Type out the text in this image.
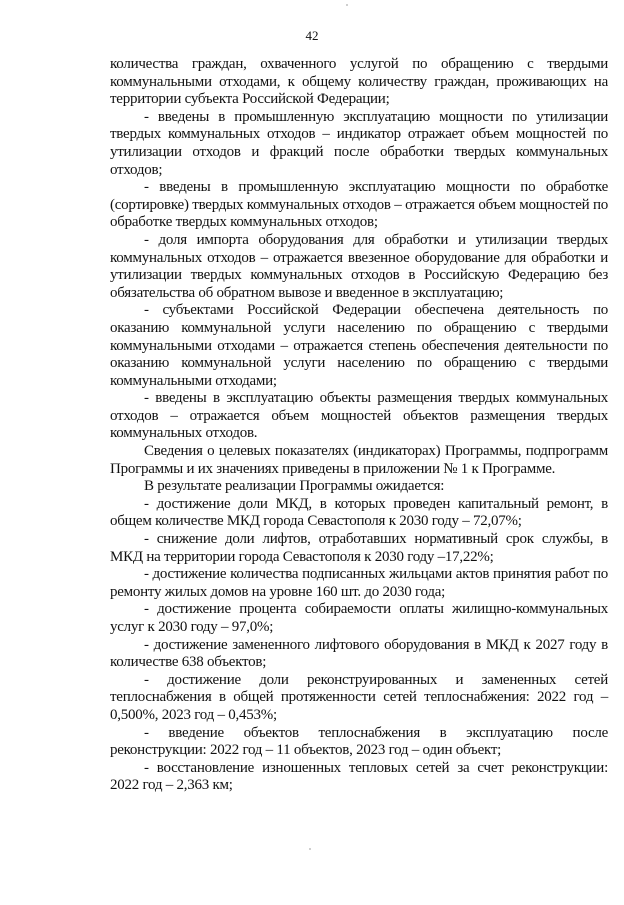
42

количества граждан, охваченного услугой по обращению с твердыми коммунальными отходами, к общему количеству граждан, проживающих на территории субъекта Российской Федерации;

- введены в промышленную эксплуатацию мощности по утилизации твердых коммунальных отходов – индикатор отражает объем мощностей по утилизации отходов и фракций после обработки твердых коммунальных отходов;

- введены в промышленную эксплуатацию мощности по обработке (сортировке) твердых коммунальных отходов – отражается объем мощностей по обработке твердых коммунальных отходов;

- доля импорта оборудования для обработки и утилизации твердых коммунальных отходов – отражается ввезенное оборудование для обработки и утилизации твердых коммунальных отходов в Российскую Федерацию без обязательства об обратном вывозе и введенное в эксплуатацию;

- субъектами Российской Федерации обеспечена деятельность по оказанию коммунальной услуги населению по обращению с твердыми коммунальными отходами – отражается степень обеспечения деятельности по оказанию коммунальной услуги населению по обращению с твердыми коммунальными отходами;

- введены в эксплуатацию объекты размещения твердых коммунальных отходов – отражается объем мощностей объектов размещения твердых коммунальных отходов.

Сведения о целевых показателях (индикаторах) Программы, подпрограмм Программы и их значениях приведены в приложении № 1 к Программе.

В результате реализации Программы ожидается:

- достижение доли МКД, в которых проведен капитальный ремонт, в общем количестве МКД города Севастополя к 2030 году – 72,07%;

- снижение доли лифтов, отработавших нормативный срок службы, в МКД на территории города Севастополя к 2030 году –17,22%;

- достижение количества подписанных жильцами актов принятия работ по ремонту жилых домов на уровне 160 шт. до 2030 года;

- достижение процента собираемости оплаты жилищно-коммунальных услуг к 2030 году – 97,0%;

- достижение замененного лифтового оборудования в МКД к 2027 году в количестве 638 объектов;

- достижение доли реконструированных и замененных сетей теплоснабжения в общей протяженности сетей теплоснабжения: 2022 год – 0,500%, 2023 год – 0,453%;

- введение объектов теплоснабжения в эксплуатацию после реконструкции: 2022 год – 11 объектов, 2023 год – один объект;

- восстановление изношенных тепловых сетей за счет реконструкции: 2022 год – 2,363 км;
